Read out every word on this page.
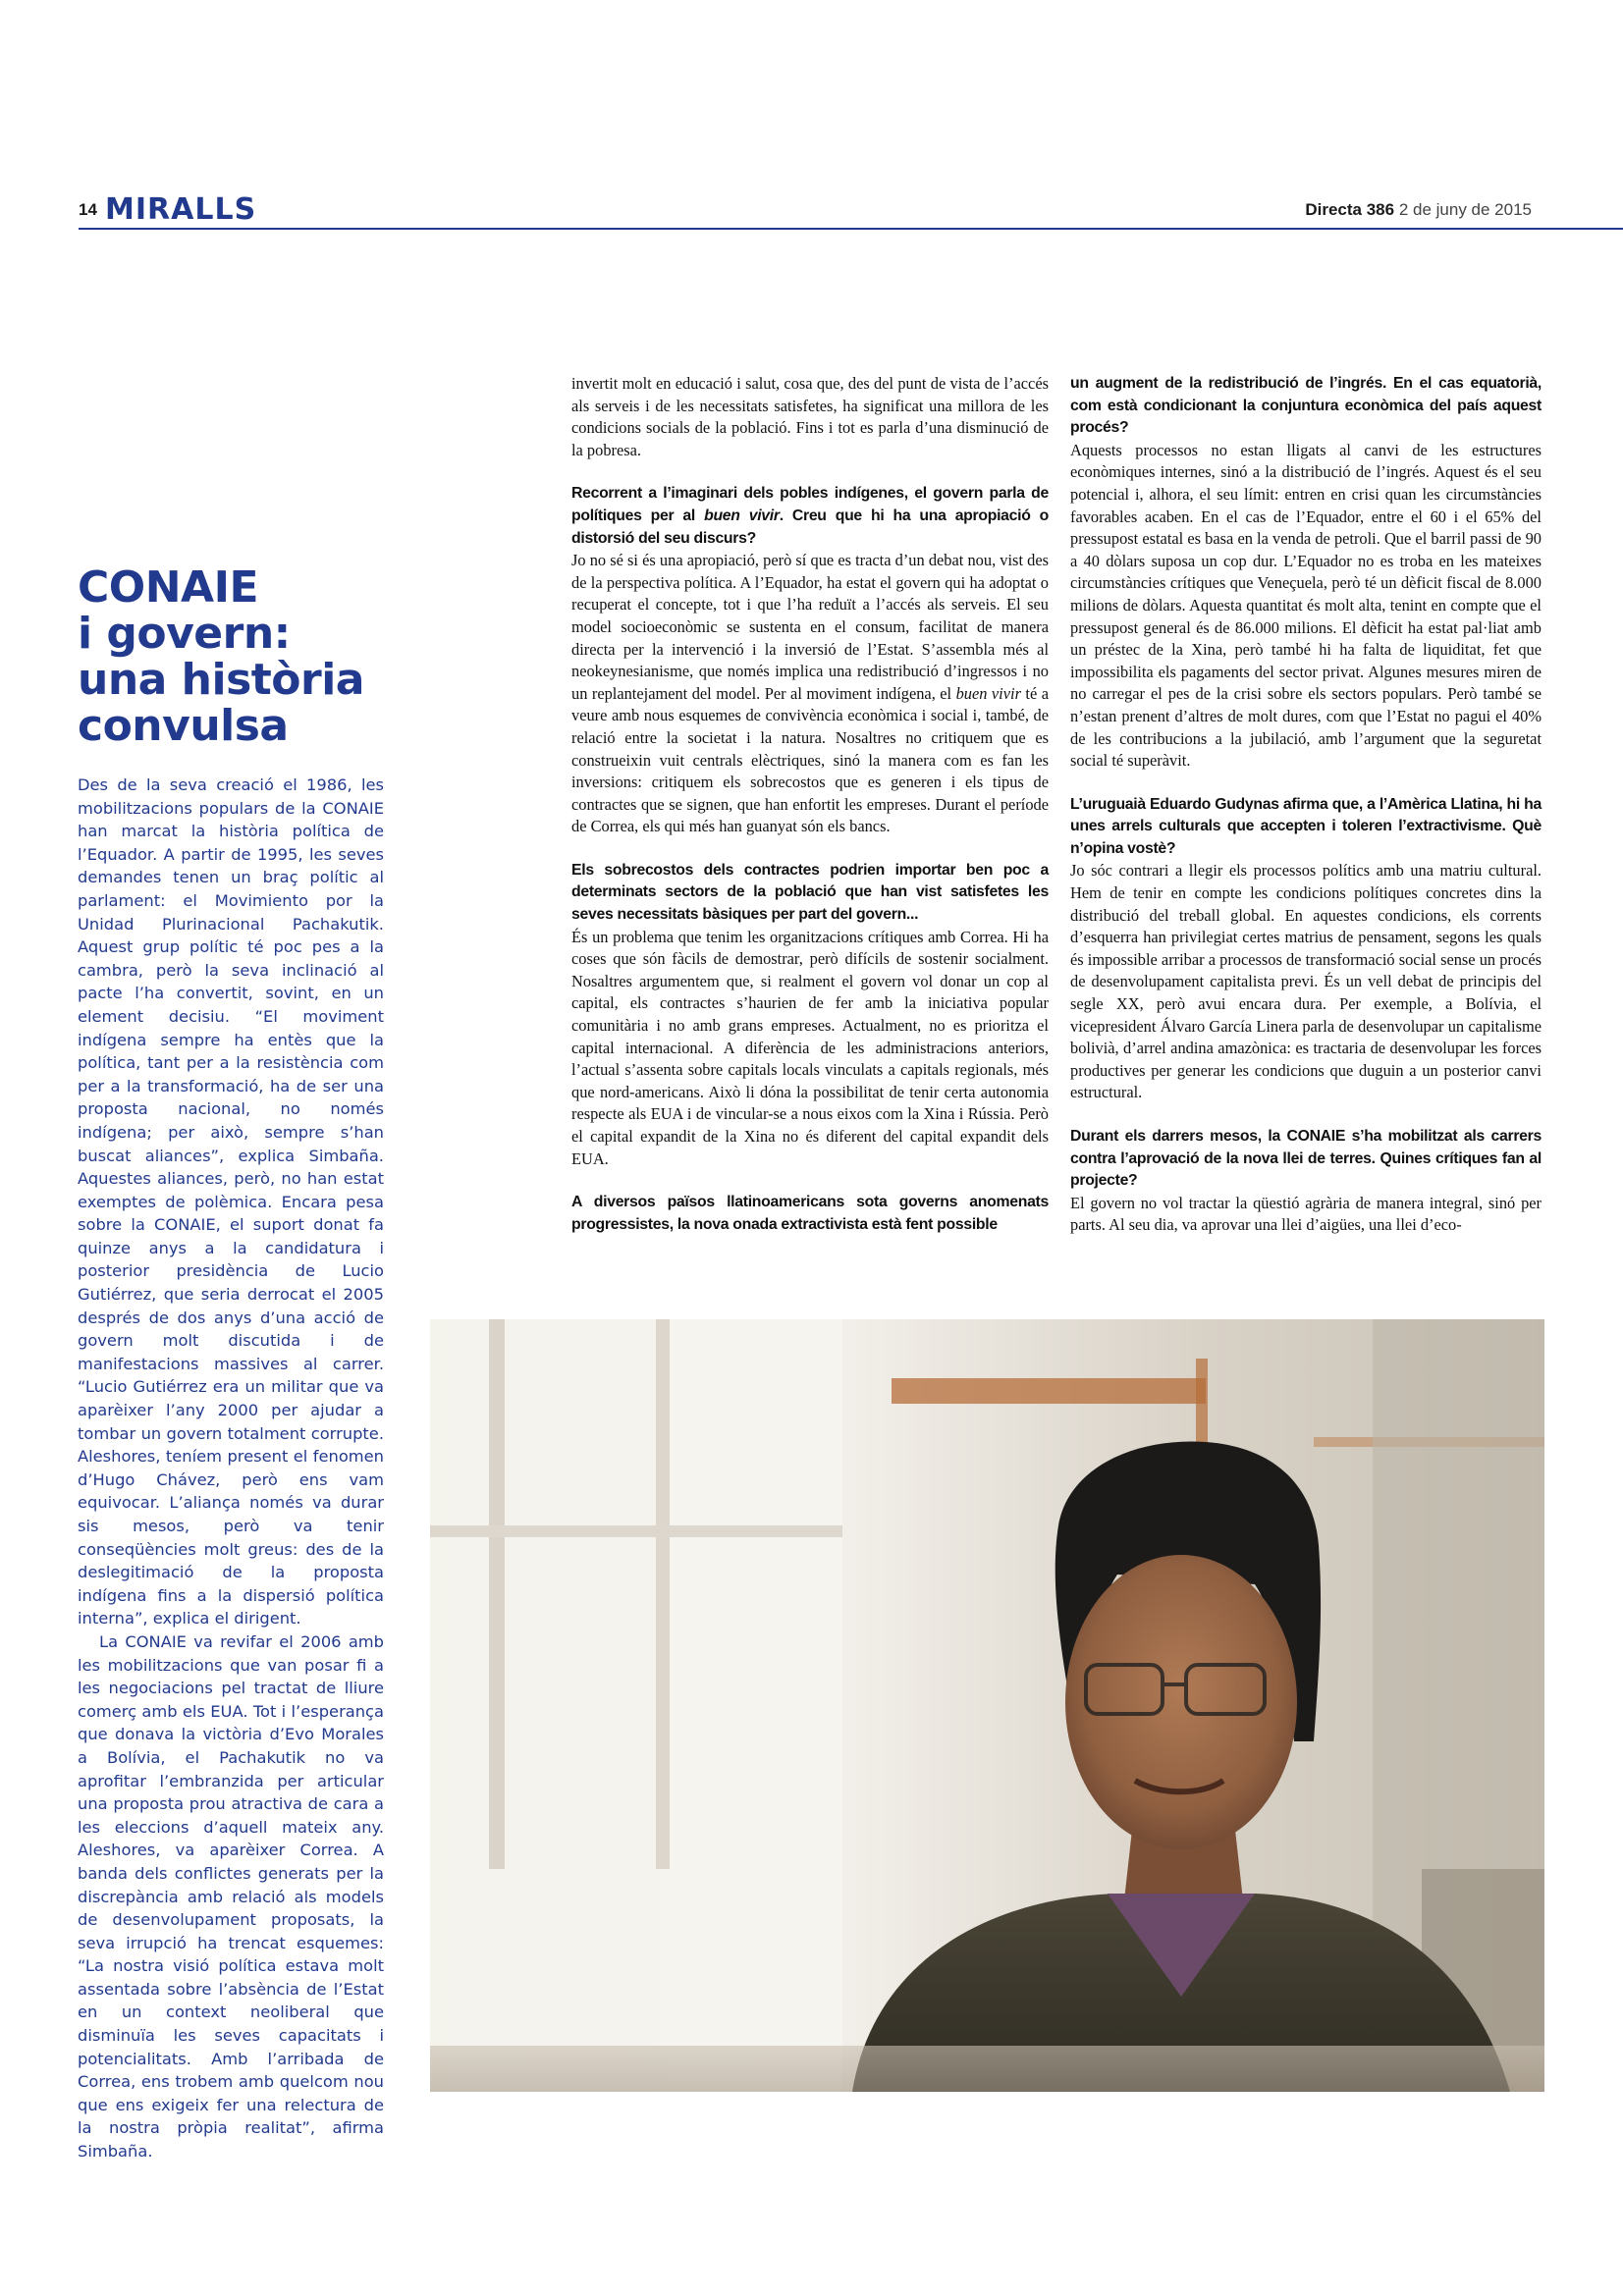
14 MIRALLS	Directa 386 2 de juny de 2015
CONAIE
i govern:
una història
convulsa

Des de la seva creació el 1986, les mobilitzacions populars de la CONAIE han marcat la història política de l’Equador. A partir de 1995, les seves demandes tenen un braç polític al parlament: el Movimiento por la Unidad Plurinacional Pachakutik. Aquest grup polític té poc pes a la cambra, però la seva inclinació al pacte l’ha convertit, sovint, en un element decisiu. “El moviment indígena sempre ha entès que la política, tant per a la resistència com per a la transformació, ha de ser una proposta nacional, no només indígena; per això, sempre s’han buscat aliances”, explica Simbaña. Aquestes aliances, però, no han estat exemptes de polèmica. Encara pesa sobre la CONAIE, el suport donat fa quinze anys a la candidatura i posterior presidència de Lucio Gutiérrez, que seria derrocat el 2005 després de dos anys d’una acció de govern molt discutida i de manifestacions massives al carrer. “Lucio Gutiérrez era un militar que va aparèixer l’any 2000 per ajudar a tombar un govern totalment corrupte. Aleshores, teníem present el fenomen d’Hugo Chávez, però ens vam equivocar. L’aliança només va durar sis mesos, però va tenir conseqüències molt greus: des de la deslegitimació de la proposta indígena fins a la dispersió política interna”, explica el dirigent.

La CONAIE va revifar el 2006 amb les mobilitzacions que van posar fi a les negociacions pel tractat de lliure comerç amb els EUA. Tot i l’esperança que donava la victòria d’Evo Morales a Bolívia, el Pachakutik no va aprofitar l’embranzida per articular una proposta prou atractiva de cara a les eleccions d’aquell mateix any. Aleshores, va aparèixer Correa. A banda dels conflictes generats per la discrepància amb relació als models de desenvolupament proposats, la seva irrupció ha trencat esquemes: “La nostra visió política estava molt assentada sobre l’absència de l’Estat en un context neoliberal que disminuïa les seves capacitats i potencialitats. Amb l’arribada de Correa, ens trobem amb quelcom nou que ens exigeix fer una relectura de la nostra pròpia realitat”, afirma Simbaña.

invertit molt en educació i salut, cosa que, des del punt de vista de l’accés als serveis i de les necessitats satisfetes, ha significat una millora de les condicions socials de la població. Fins i tot es parla d’una disminució de la pobresa.

Recorrent a l’imaginari dels pobles indígenes, el govern parla de polítiques per al buen vivir. Creu que hi ha una apropiació o distorsió del seu discurs?

Jo no sé si és una apropiació, però sí que es tracta d’un debat nou, vist des de la perspectiva política. A l’Equador, ha estat el govern qui ha adoptat o recuperat el concepte, tot i que l’ha reduït a l’accés als serveis. El seu model socioeconòmic se sustenta en el consum, facilitat de manera directa per la intervenció i la inversió de l’Estat. S’assembla més al neokeynesianisme, que només implica una redistribució d’ingressos i no un replantejament del model. Per al moviment indígena, el buen vivir té a veure amb nous esquemes de convivència econòmica i social i, també, de relació entre la societat i la natura. Nosaltres no critiquem que es construeixin vuit centrals elèctriques, sinó la manera com es fan les inversions: critiquem els sobrecostos que es generen i els tipus de contractes que se signen, que han enfortit les empreses. Durant el període de Correa, els qui més han guanyat són els bancs.

Els sobrecostos dels contractes podrien importar ben poc a determinats sectors de la població que han vist satisfetes les seves necessitats bàsiques per part del govern...

És un problema que tenim les organitzacions crítiques amb Correa. Hi ha coses que són fàcils de demostrar, però difícils de sostenir socialment. Nosaltres argumentem que, si realment el govern vol donar un cop al capital, els contractes s’haurien de fer amb la iniciativa popular comunitària i no amb grans empreses. Actualment, no es prioritza el capital internacional. A diferència de les administracions anteriors, l’actual s’assenta sobre capitals locals vinculats a capitals regionals, més que nord-americans. Això li dóna la possibilitat de tenir certa autonomia respecte als EUA i de vincular-se a nous eixos com la Xina i Rússia. Però el capital expandit de la Xina no és diferent del capital expandit dels EUA.

A diversos països llatinoamericans sota governs anomenats progressistes, la nova onada extractivista està fent possible

un augment de la redistribució de l’ingrés. En el cas equatorià, com està condicionant la conjuntura econòmica del país aquest procés?

Aquests processos no estan lligats al canvi de les estructures econòmiques internes, sinó a la distribució de l’ingrés. Aquest és el seu potencial i, alhora, el seu límit: entren en crisi quan les circumstàncies favorables acaben. En el cas de l’Equador, entre el 60 i el 65% del pressupost estatal es basa en la venda de petroli. Que el barril passi de 90 a 40 dòlars suposa un cop dur. L’Equador no es troba en les mateixes circumstàncies crítiques que Veneçuela, però té un dèficit fiscal de 8.000 milions de dòlars. Aquesta quantitat és molt alta, tenint en compte que el pressupost general és de 86.000 milions. El dèficit ha estat pal·liat amb un préstec de la Xina, però també hi ha falta de liquiditat, fet que impossibilita els pagaments del sector privat. Algunes mesures miren de no carregar el pes de la crisi sobre els sectors populars. Però també se n’estan prenent d’altres de molt dures, com que l’Estat no pagui el 40% de les contribucions a la jubilació, amb l’argument que la seguretat social té superàvit.

L’uruguaià Eduardo Gudynas afirma que, a l’Amèrica Llatina, hi ha unes arrels culturals que accepten i toleren l’extractivisme. Què n’opina vostè?

Jo sóc contrari a llegir els processos polítics amb una matriu cultural. Hem de tenir en compte les condicions polítiques concretes dins la distribució del treball global. En aquestes condicions, els corrents d’esquerra han privilegiat certes matrius de pensament, segons les quals és impossible arribar a processos de transformació social sense un procés de desenvolupament capitalista previ. És un vell debat de principis del segle XX, però avui encara dura. Per exemple, a Bolívia, el vicepresident Álvaro García Linera parla de desenvolupar un capitalisme bolivià, d’arrel andina amazònica: es tractaria de desenvolupar les forces productives per generar les condicions que duguin a un posterior canvi estructural.

Durant els darrers mesos, la CONAIE s’ha mobilitzat als carrers contra l’aprovació de la nova llei de terres. Quines crítiques fan al projecte?

El govern no vol tractar la qüestió agrària de manera integral, sinó per parts. Al seu dia, va aprovar una llei d’aigües, una llei d’eco-
